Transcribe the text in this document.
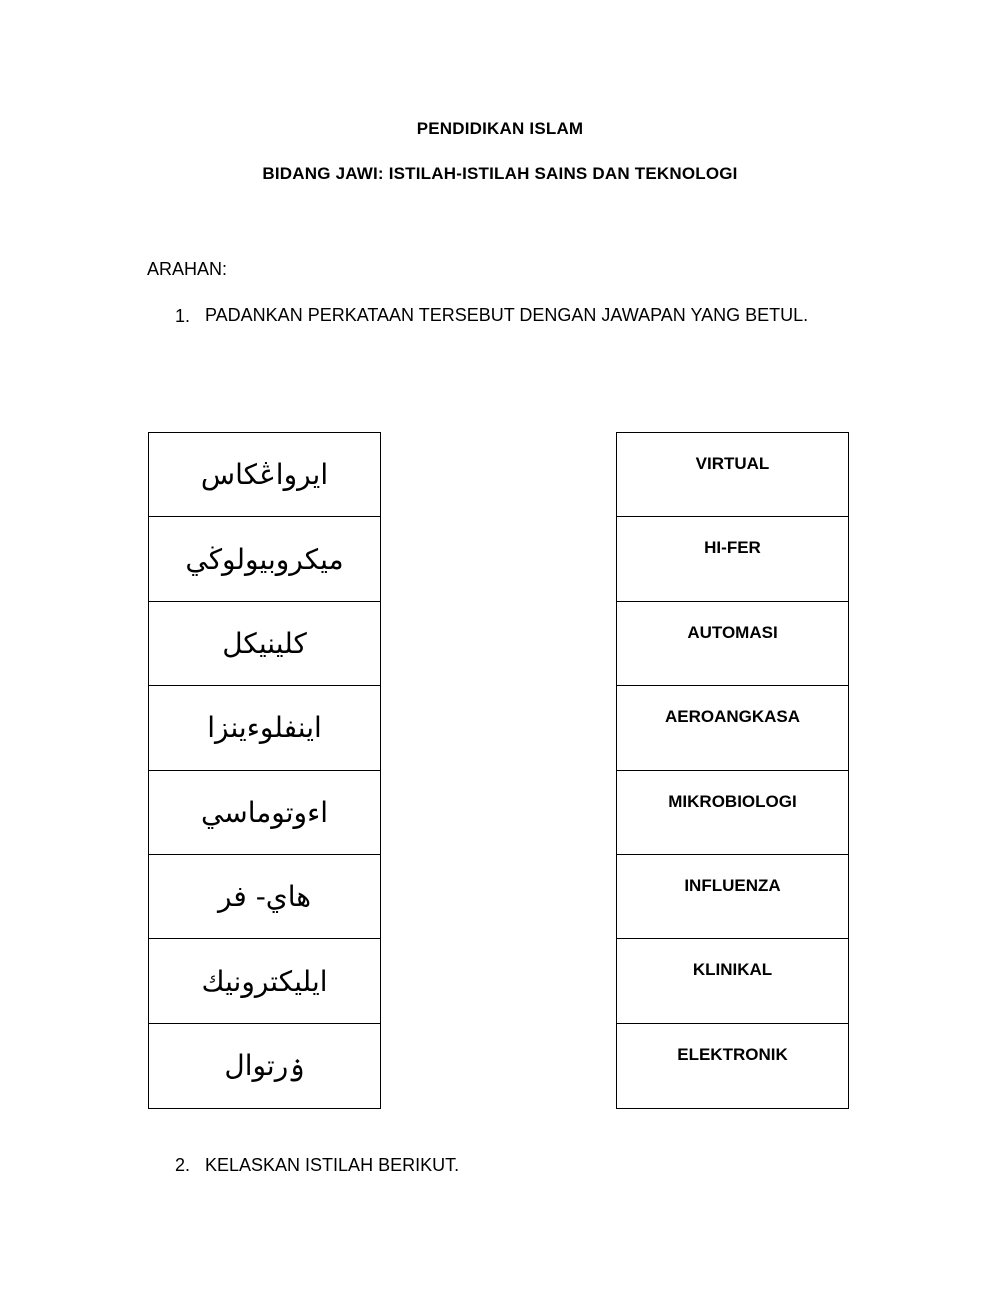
PENDIDIKAN ISLAM
BIDANG JAWI: ISTILAH-ISTILAH SAINS DAN TEKNOLOGI
ARAHAN:
1. PADANKAN PERKATAAN TERSEBUT DENGAN JAWAPAN YANG BETUL.
ايرواڠكاس
ميکروبيولوڬي
کلينيکل
اينفلوءينزا
اءوتوماسي
هاي- فر
ايليکترونيك
ۏرتوال
VIRTUAL
HI-FER
AUTOMASI
AEROANGKASA
MIKROBIOLOGI
INFLUENZA
KLINIKAL
ELEKTRONIK
2. KELASKAN ISTILAH BERIKUT.
